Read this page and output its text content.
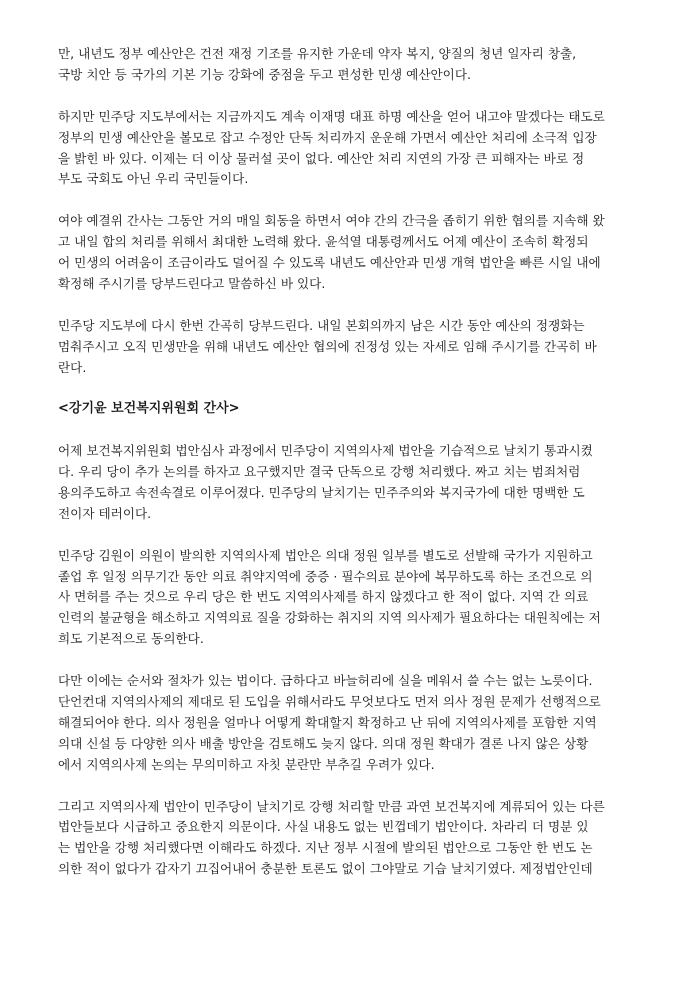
만, 내년도 정부 예산안은 건전 재정 기조를 유지한 가운데 약자 복지, 양질의 청년 일자리 창출,
국방 치안 등 국가의 기본 기능 강화에 중점을 두고 편성한 민생 예산안이다.

하지만 민주당 지도부에서는 지금까지도 계속 이재명 대표 하명 예산을 얻어 내고야 말겠다는 태도로
정부의 민생 예산안을 볼모로 잡고 수정안 단독 처리까지 운운해 가면서 예산안 처리에 소극적 입장
을 밝힌 바 있다. 이제는 더 이상 물러설 곳이 없다. 예산안 처리 지연의 가장 큰 피해자는 바로 정
부도 국회도 아닌 우리 국민들이다.

여야 예결위 간사는 그동안 거의 매일 회동을 하면서 여야 간의 간극을 좁히기 위한 협의를 지속해 왔
고 내일 합의 처리를 위해서 최대한 노력해 왔다. 윤석열 대통령께서도 어제 예산이 조속히 확정되
어 민생의 어려움이 조금이라도 덜어질 수 있도록 내년도 예산안과 민생 개혁 법안을 빠른 시일 내에
확정해 주시기를 당부드린다고 말씀하신 바 있다.

민주당 지도부에 다시 한번 간곡히 당부드린다. 내일 본회의까지 남은 시간 동안 예산의 정쟁화는
멈춰주시고 오직 민생만을 위해 내년도 예산안 협의에 진정성 있는 자세로 임해 주시기를 간곡히 바
란다.

<강기윤 보건복지위원회 간사>

어제 보건복지위원회 법안심사 과정에서 민주당이 지역의사제 법안을 기습적으로 날치기 통과시켰
다. 우리 당이 추가 논의를 하자고 요구했지만 결국 단독으로 강행 처리했다. 짜고 치는 범죄처럼
용의주도하고 속전속결로 이루어졌다. 민주당의 날치기는 민주주의와 복지국가에 대한 명백한 도
전이자 테러이다.

민주당 김원이 의원이 발의한 지역의사제 법안은 의대 정원 일부를 별도로 선발해 국가가 지원하고
졸업 후 일정 의무기간 동안 의료 취약지역에 중증 · 필수의료 분야에 복무하도록 하는 조건으로 의
사 면허를 주는 것으로 우리 당은 한 번도 지역의사제를 하지 않겠다고 한 적이 없다. 지역 간 의료
인력의 불균형을 해소하고 지역의료 질을 강화하는 취지의 지역 의사제가 필요하다는 대원칙에는 저
희도 기본적으로 동의한다.

다만 이에는 순서와 절차가 있는 법이다. 급하다고 바늘허리에 실을 메워서 쓸 수는 없는 노릇이다.
단언컨대 지역의사제의 제대로 된 도입을 위해서라도 무엇보다도 먼저 의사 정원 문제가 선행적으로
해결되어야 한다. 의사 정원을 얼마나 어떻게 확대할지 확정하고 난 뒤에 지역의사제를 포함한 지역
의대 신설 등 다양한 의사 배출 방안을 검토해도 늦지 않다. 의대 정원 확대가 결론 나지 않은 상황
에서 지역의사제 논의는 무의미하고 자칫 분란만 부추길 우려가 있다.

그리고 지역의사제 법안이 민주당이 날치기로 강행 처리할 만큼 과연 보건복지에 계류되어 있는 다른
법안들보다 시급하고 중요한지 의문이다. 사실 내용도 없는 빈껍데기 법안이다. 차라리 더 명분 있
는 법안을 강행 처리했다면 이해라도 하겠다. 지난 정부 시절에 발의된 법안으로 그동안 한 번도 논
의한 적이 없다가 갑자기 끄집어내어 충분한 토론도 없이 그야말로 기습 날치기였다. 제정법안인데
